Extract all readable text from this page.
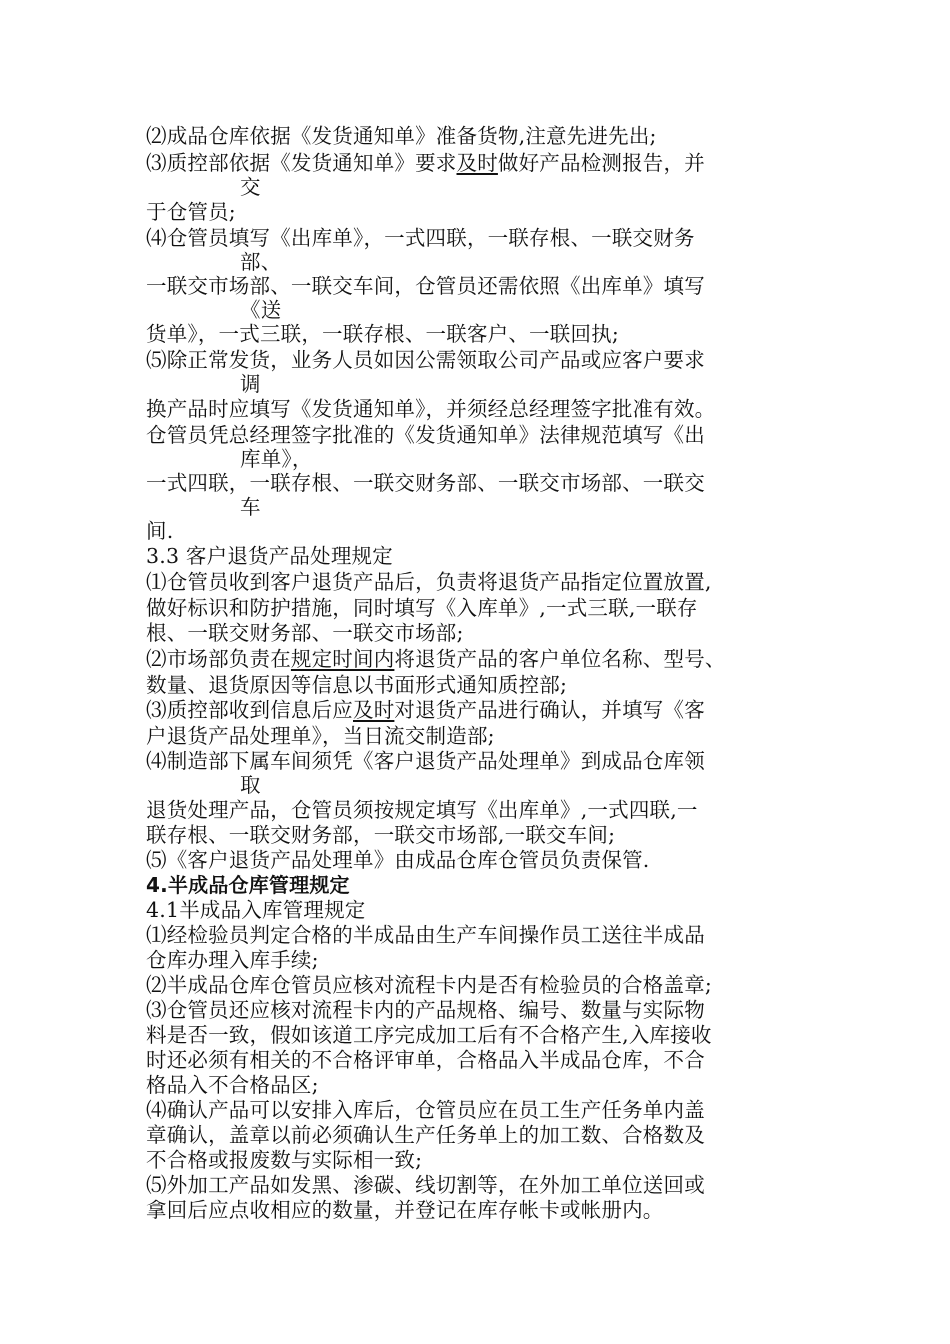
⑵成品仓库依据《发货通知单》准备货物,注意先进先出;
⑶质控部依据《发货通知单》要求及时做好产品检测报告，并
交
于仓管员;
⑷仓管员填写《出库单》，一式四联，一联存根、一联交财务
部、
一联交市场部、一联交车间，仓管员还需依照《出库单》填写
《送
货单》，一式三联，一联存根、一联客户、一联回执;
⑸除正常发货，业务人员如因公需领取公司产品或应客户要求
调
换产品时应填写《发货通知单》，并须经总经理签字批准有效。
仓管员凭总经理签字批准的《发货通知单》法律规范填写《出
库单》，
一式四联，一联存根、一联交财务部、一联交市场部、一联交
车
间.
3.3 客户退货产品处理规定
⑴仓管员收到客户退货产品后，负责将退货产品指定位置放置,
做好标识和防护措施，同时填写《入库单》,一式三联,一联存
根、一联交财务部、一联交市场部;
⑵市场部负责在规定时间内将退货产品的客户单位名称、型号、
数量、退货原因等信息以书面形式通知质控部;
⑶质控部收到信息后应及时对退货产品进行确认，并填写《客
户退货产品处理单》，当日流交制造部;
⑷制造部下属车间须凭《客户退货产品处理单》到成品仓库领
取
退货处理产品，仓管员须按规定填写《出库单》,一式四联,一
联存根、一联交财务部，一联交市场部,一联交车间;
⑸《客户退货产品处理单》由成品仓库仓管员负责保管.
4.半成品仓库管理规定
4.1半成品入库管理规定
⑴经检验员判定合格的半成品由生产车间操作员工送往半成品
仓库办理入库手续;
⑵半成品仓库仓管员应核对流程卡内是否有检验员的合格盖章;
⑶仓管员还应核对流程卡内的产品规格、编号、数量与实际物
料是否一致，假如该道工序完成加工后有不合格产生,入库接收
时还必须有相关的不合格评审单，合格品入半成品仓库，不合
格品入不合格品区;
⑷确认产品可以安排入库后，仓管员应在员工生产任务单内盖
章确认，盖章以前必须确认生产任务单上的加工数、合格数及
不合格或报废数与实际相一致;
⑸外加工产品如发黑、渗碳、线切割等，在外加工单位送回或
拿回后应点收相应的数量，并登记在库存帐卡或帐册内。
